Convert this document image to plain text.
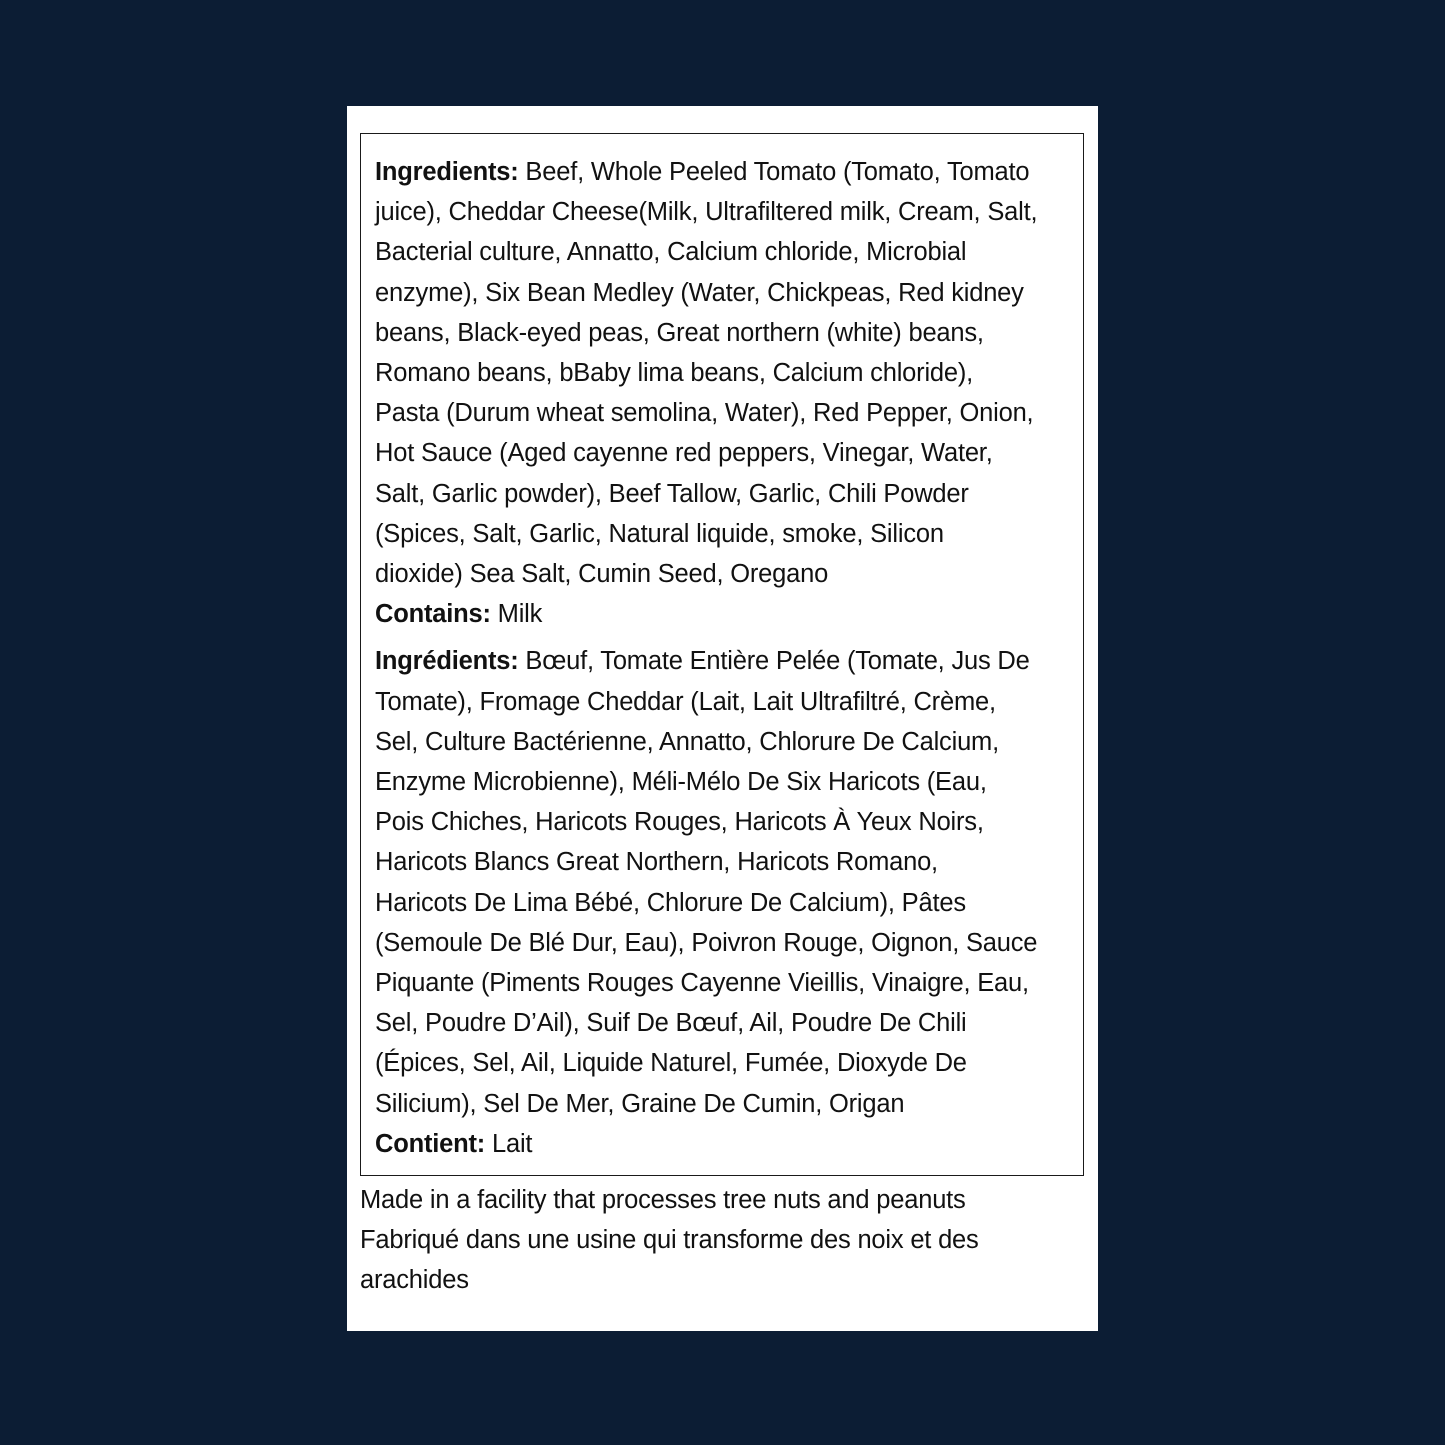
Ingredients: Beef, Whole Peeled Tomato (Tomato, Tomato
juice), Cheddar Cheese(Milk, Ultrafiltered milk, Cream, Salt,
Bacterial culture, Annatto, Calcium chloride, Microbial
enzyme), Six Bean Medley (Water, Chickpeas, Red kidney
beans, Black-eyed peas, Great northern (white) beans,
Romano beans, bBaby lima beans, Calcium chloride),
Pasta (Durum wheat semolina, Water), Red Pepper, Onion,
Hot Sauce (Aged cayenne red peppers, Vinegar, Water,
Salt, Garlic powder), Beef Tallow, Garlic, Chili Powder
(Spices, Salt, Garlic, Natural liquide, smoke, Silicon
dioxide) Sea Salt, Cumin Seed, Oregano
Contains: Milk

Ingrédients: Bœuf, Tomate Entière Pelée (Tomate, Jus De
Tomate), Fromage Cheddar (Lait, Lait Ultrafiltré, Crème,
Sel, Culture Bactérienne, Annatto, Chlorure De Calcium,
Enzyme Microbienne), Méli-Mélo De Six Haricots (Eau,
Pois Chiches, Haricots Rouges, Haricots À Yeux Noirs,
Haricots Blancs Great Northern, Haricots Romano,
Haricots De Lima Bébé, Chlorure De Calcium), Pâtes
(Semoule De Blé Dur, Eau), Poivron Rouge, Oignon, Sauce
Piquante (Piments Rouges Cayenne Vieillis, Vinaigre, Eau,
Sel, Poudre D’Ail), Suif De Bœuf, Ail, Poudre De Chili
(Épices, Sel, Ail, Liquide Naturel, Fumée, Dioxyde De
Silicium), Sel De Mer, Graine De Cumin, Origan
Contient: Lait

Made in a facility that processes tree nuts and peanuts
Fabriqué dans une usine qui transforme des noix et des
arachides
